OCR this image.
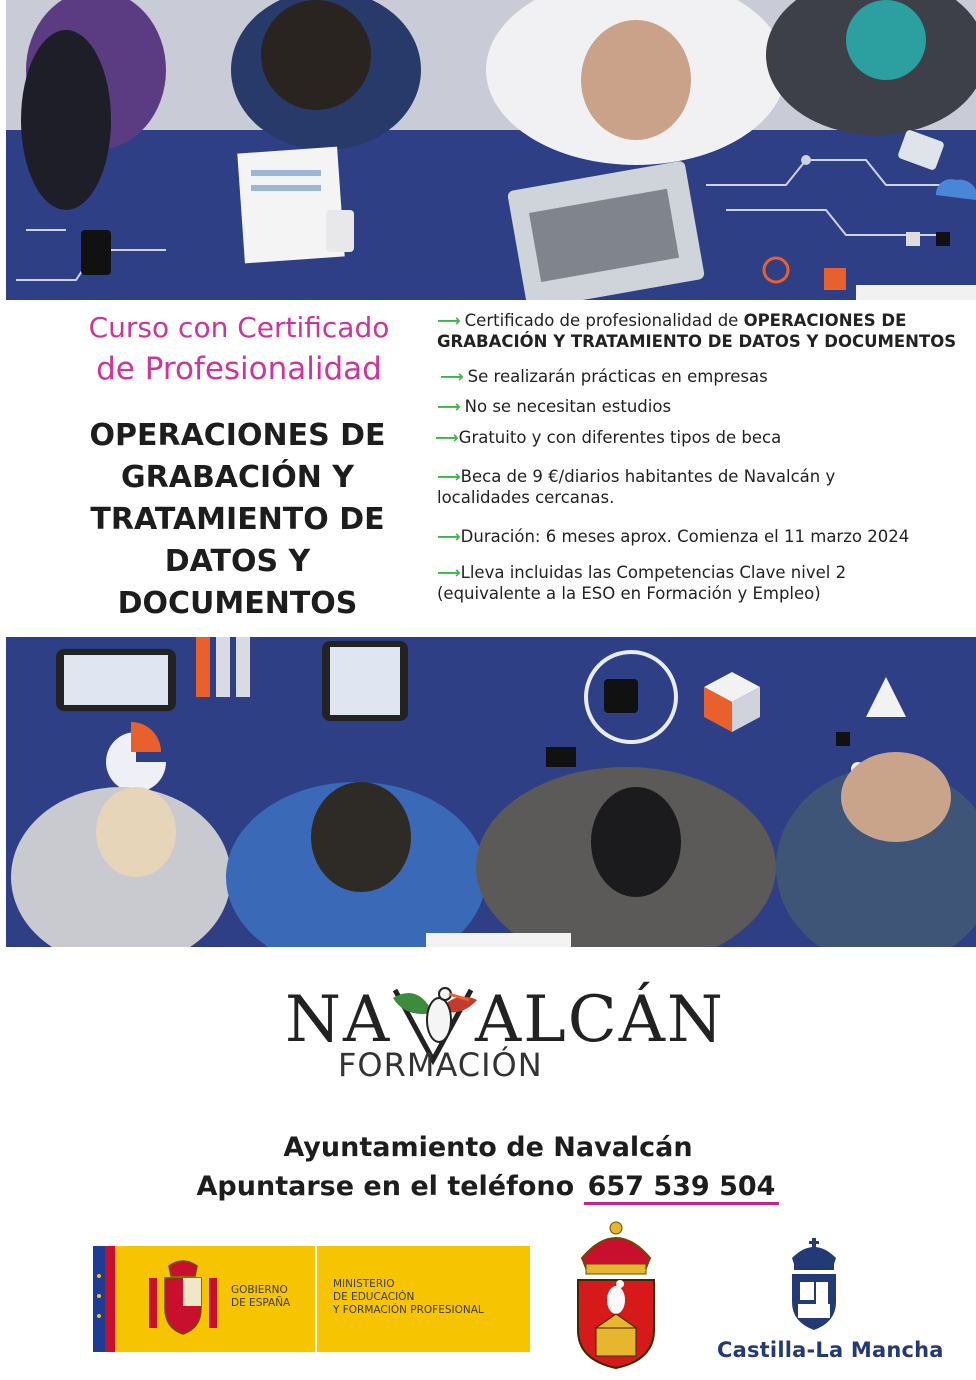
Curso con Certificado
de Profesionalidad
OPERACIONES DE
GRABACIÓN Y
TRATAMIENTO DE
DATOS Y
DOCUMENTOS
⟶ Certificado de profesionalidad de OPERACIONES DE
GRABACIÓN Y TRATAMIENTO DE DATOS Y DOCUMENTOS
⟶ Se realizarán prácticas en empresas
⟶ No se necesitan estudios
⟶Gratuito y con diferentes tipos de beca
⟶Beca de 9 €/diarios habitantes de Navalcán y
localidades cercanas.
⟶Duración: 6 meses aprox. Comienza el 11 marzo 2024
⟶Lleva incluidas las Competencias Clave nivel 2
(equivalente a la ESO en Formación y Empleo)
NA ALCÁN
FORMACIÓN
Ayuntamiento de Navalcán
Apuntarse en el teléfono 657 539 504
GOBIERNO
DE ESPAÑA
MINISTERIO
DE EDUCACIÓN
Y FORMACIÓN PROFESIONAL
Castilla-La Mancha
